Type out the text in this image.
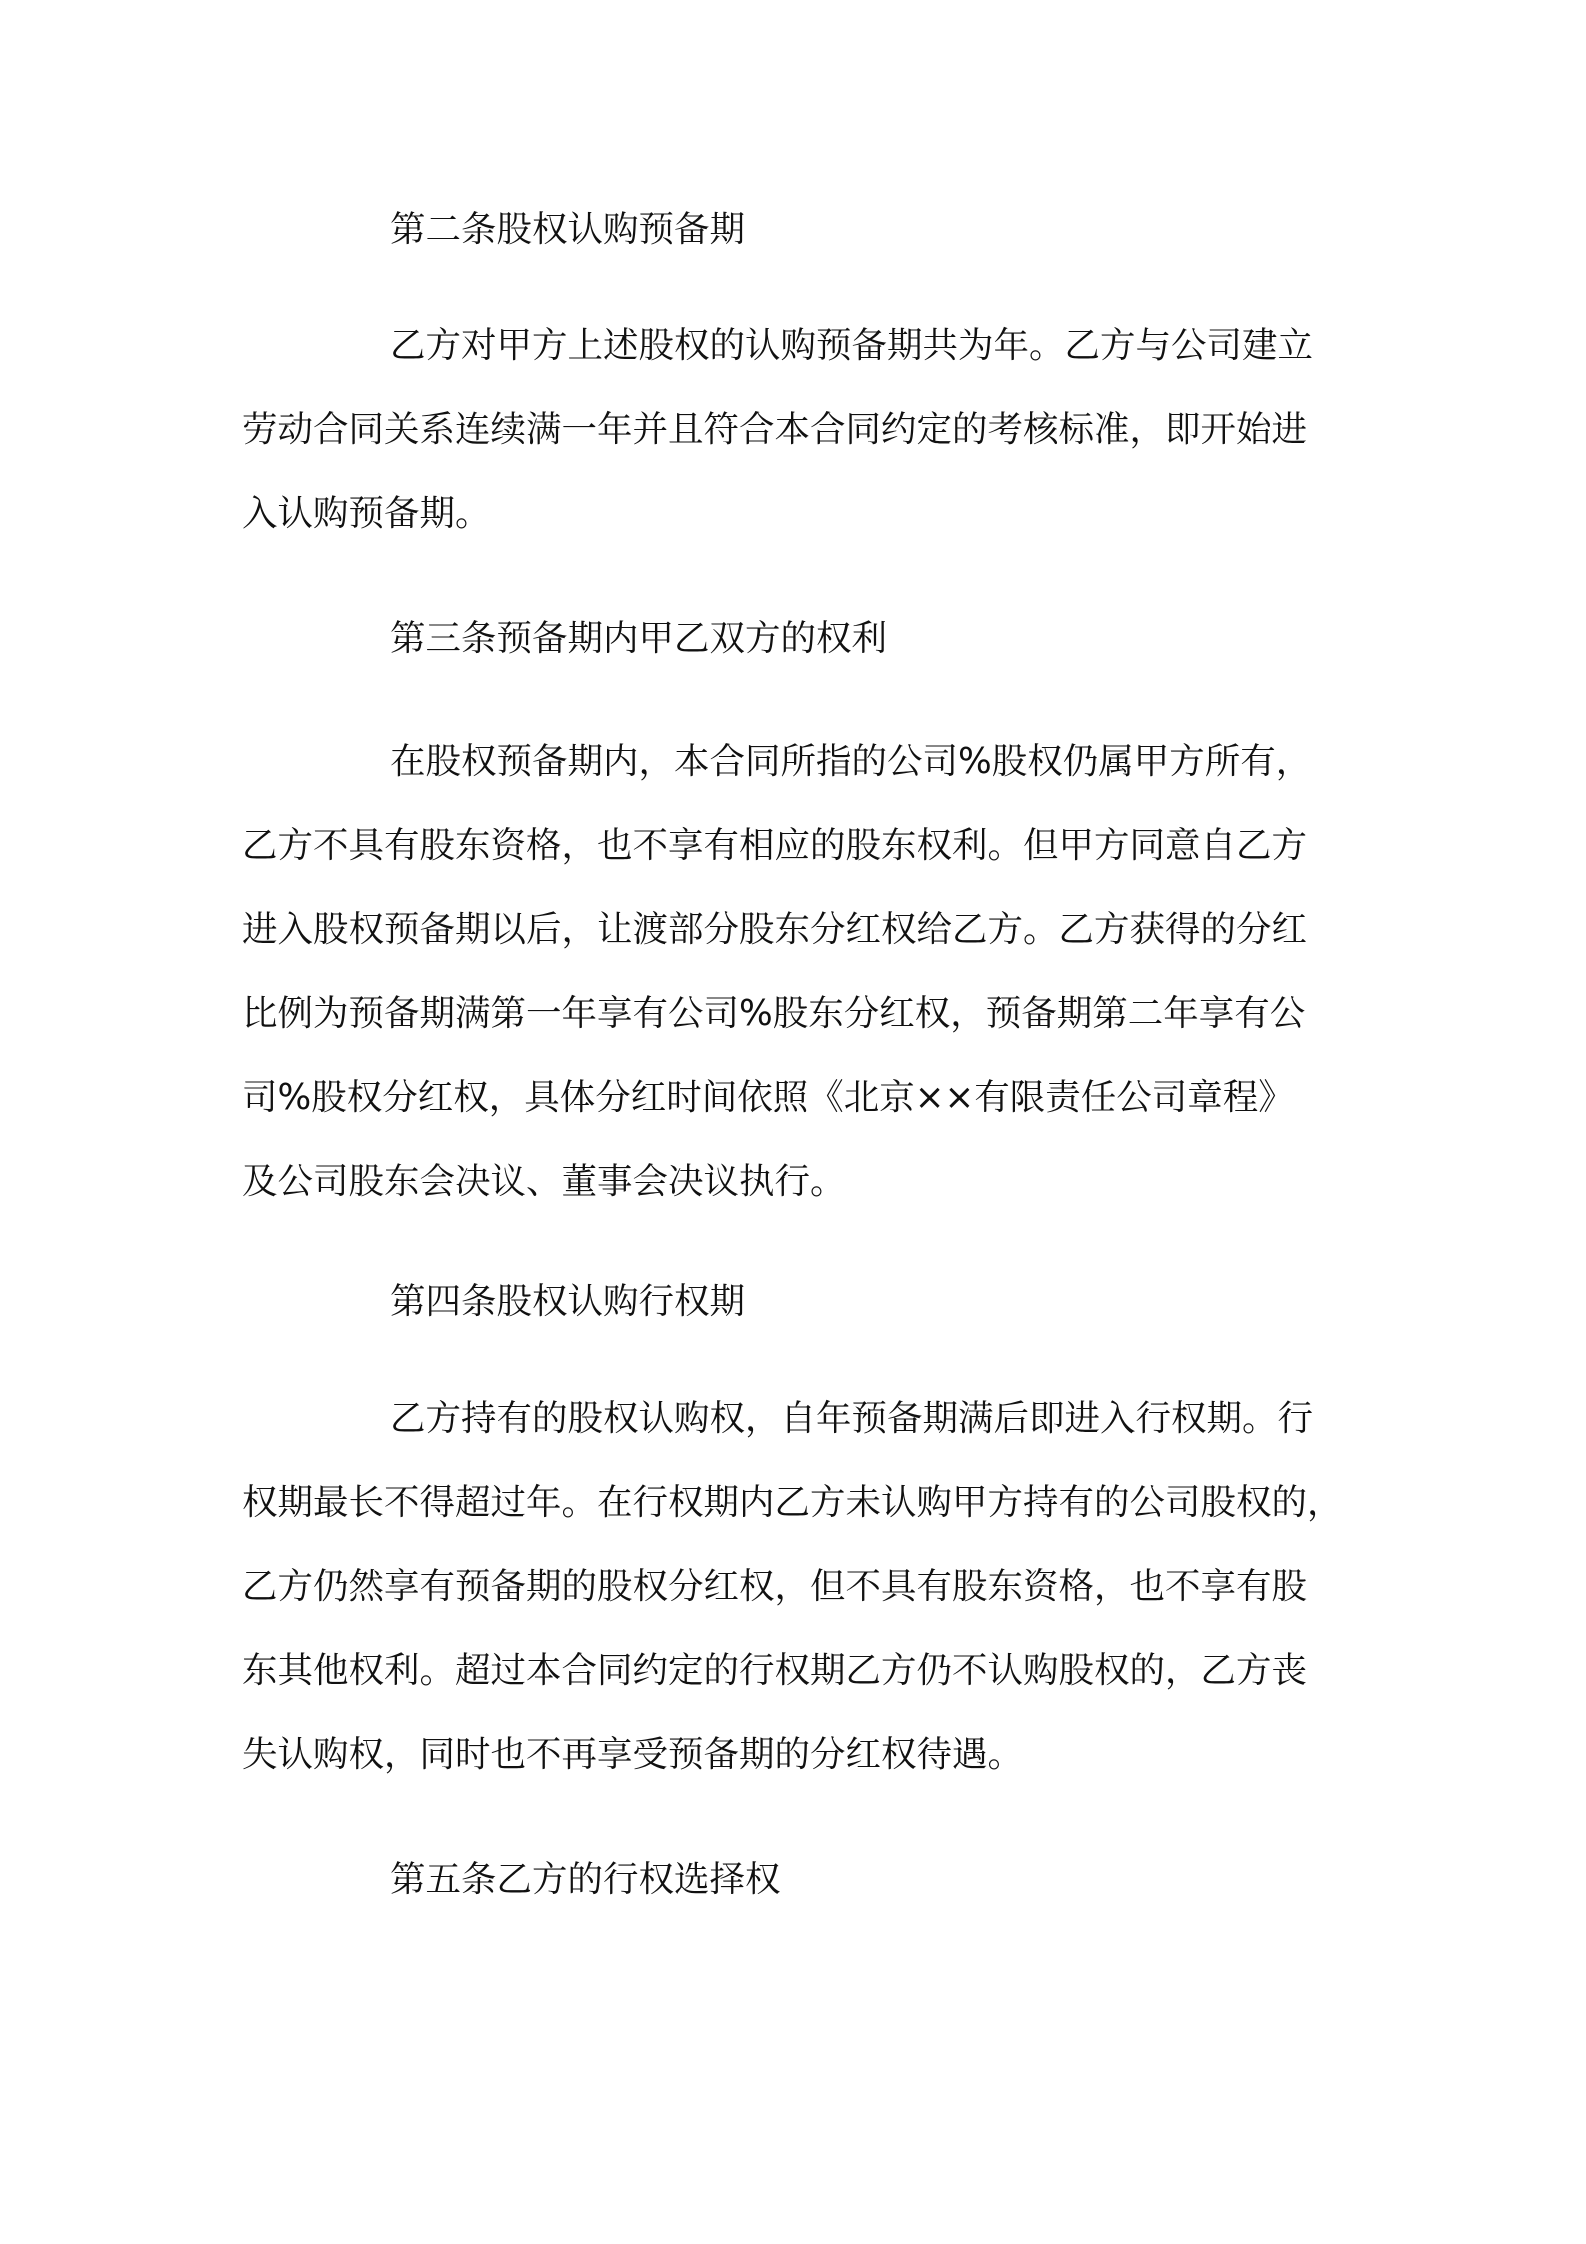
第二条股权认购预备期

乙方对甲方上述股权的认购预备期共为年。乙方与公司建立
劳动合同关系连续满一年并且符合本合同约定的考核标准，即开始进
入认购预备期。

第三条预备期内甲乙双方的权利

在股权预备期内，本合同所指的公司%股权仍属甲方所有，
乙方不具有股东资格，也不享有相应的股东权利。但甲方同意自乙方
进入股权预备期以后，让渡部分股东分红权给乙方。乙方获得的分红
比例为预备期满第一年享有公司%股东分红权，预备期第二年享有公
司%股权分红权，具体分红时间依照《北京××有限责任公司章程》
及公司股东会决议、董事会决议执行。

第四条股权认购行权期

乙方持有的股权认购权，自年预备期满后即进入行权期。行
权期最长不得超过年。在行权期内乙方未认购甲方持有的公司股权的，
乙方仍然享有预备期的股权分红权，但不具有股东资格，也不享有股
东其他权利。超过本合同约定的行权期乙方仍不认购股权的，乙方丧
失认购权，同时也不再享受预备期的分红权待遇。

第五条乙方的行权选择权
